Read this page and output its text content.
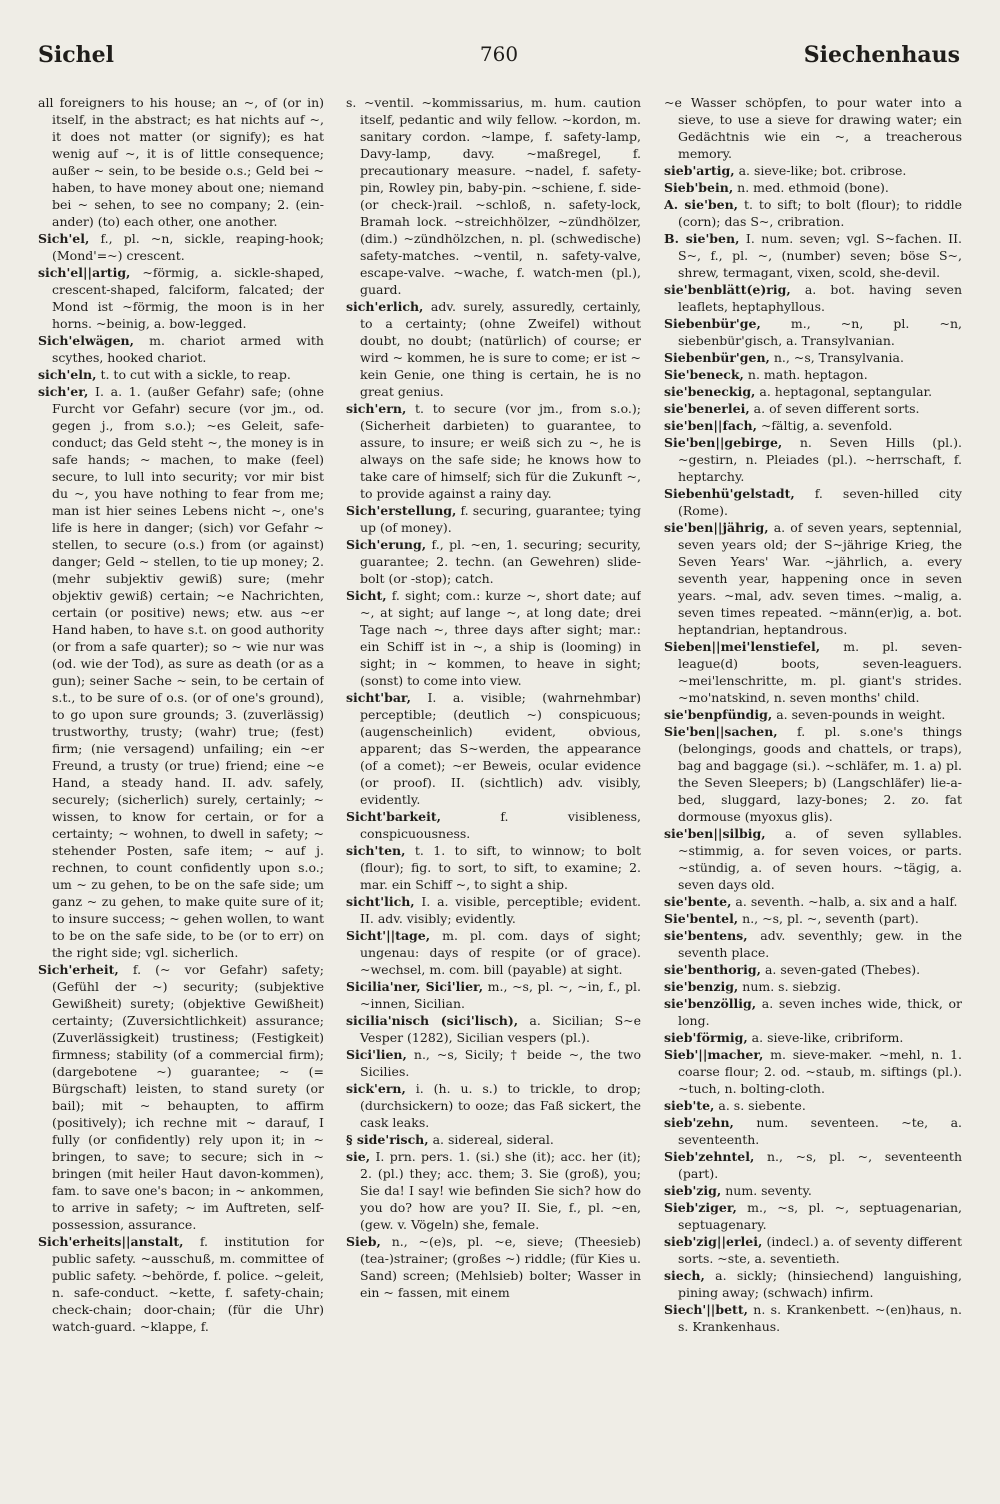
760
Sichel	Siechenhaus
all foreigners to his house; an ~, of (or in) itself, in the abstract; es hat nichts auf ~, it does not matter (or signify); es hat wenig auf ~, it is of little consequence; außer ~ sein, to be beside o.s.; Geld bei ~ haben, to have money about one; niemand bei ~ sehen, to see no company; 2. (ein-ander) (to) each other, one another.
Sich'el, f., pl. ~n, sickle, reaping-hook; (Mond'=~) crescent.
sich'el||artig, ~förmig, a. sickle-shaped, crescent-shaped, falciform, falcated; der Mond ist ~förmig, the moon is in her horns. ~beinig, a. bow-legged.
Sich'elwägen, m. chariot armed with scythes, hooked chariot.
sich'eln, t. to cut with a sickle, to reap.
sich'er, I. a. 1. (außer Gefahr) safe; (ohne Furcht vor Gefahr) secure (vor jm., od. gegen j., from s.o.); ~es Geleit, safe-conduct; das Geld steht ~, the money is in safe hands; ~ machen, to make (feel) secure, to lull into security; vor mir bist du ~, you have nothing to fear from me; man ist hier seines Lebens nicht ~, one's life is here in danger; (sich) vor Gefahr ~ stellen, to secure (o.s.) from (or against) danger; Geld ~ stellen, to tie up money; 2. (mehr subjektiv gewiß) sure; (mehr objektiv gewiß) certain; ~e Nachrichten, certain (or positive) news; etw. aus ~er Hand haben, to have s.t. on good authority (or from a safe quarter); so ~ wie nur was (od. wie der Tod), as sure as death (or as a gun); seiner Sache ~ sein, to be certain of s.t., to be sure of o.s. (or of one's ground), to go upon sure grounds; 3. (zuverlässig) trustworthy, trusty; (wahr) true; (fest) firm; (nie versagend) unfailing; ein ~er Freund, a trusty (or true) friend; eine ~e Hand, a steady hand. II. adv. safely, securely; (sicherlich) surely, certainly; ~ wissen, to know for certain, or for a certainty; ~ wohnen, to dwell in safety; ~ stehender Posten, safe item; ~ auf j. rechnen, to count confidently upon s.o.; um ~ zu gehen, to be on the safe side; um ganz ~ zu gehen, to make quite sure of it; to insure success; ~ gehen wollen, to want to be on the safe side, to be (or to err) on the right side; vgl. sicherlich.
Sich'erheit, f. (~ vor Gefahr) safety; (Gefühl der ~) security; (subjektive Gewißheit) surety; (objektive Gewißheit) certainty; (Zuversichtlichkeit) assurance; (Zuverlässigkeit) trustiness; (Festigkeit) firmness; stability (of a commercial firm); (dargebotene ~) guarantee; ~ (= Bürgschaft) leisten, to stand surety (or bail); mit ~ behaupten, to affirm (positively); ich rechne mit ~ darauf, I fully (or confidently) rely upon it; in ~ bringen, to save; to secure; sich in ~ bringen (mit heiler Haut davon-kommen), fam. to save one's bacon; in ~ ankommen, to arrive in safety; ~ im Auftreten, self-possession, assurance.
Sich'erheits||anstalt, f. institution for public safety. ~ausschuß, m. committee of public safety. ~behörde, f. police. ~geleit, n. safe-conduct. ~kette, f. safety-chain; check-chain; door-chain; (für die Uhr) watch-guard. ~klappe, f.
s. ~ventil. ~kommissarius, m. hum. caution itself, pedantic and wily fellow. ~kordon, m. sanitary cordon. ~lampe, f. safety-lamp, Davy-lamp, davy. ~maßregel, f. precautionary measure. ~nadel, f. safety-pin, Rowley pin, baby-pin. ~schiene, f. side-(or check-)rail. ~schloß, n. safety-lock, Bramah lock. ~streichhölzer, ~zündhölzer, (dim.) ~zündhölzchen, n. pl. (schwedische) safety-matches. ~ventil, n. safety-valve, escape-valve. ~wache, f. watch-men (pl.), guard.
sich'erlich, adv. surely, assuredly, certainly, to a certainty; (ohne Zweifel) without doubt, no doubt; (natürlich) of course; er wird ~ kommen, he is sure to come; er ist ~ kein Genie, one thing is certain, he is no great genius.
sich'ern, t. to secure (vor jm., from s.o.); (Sicherheit darbieten) to guarantee, to assure, to insure; er weiß sich zu ~, he is always on the safe side; he knows how to take care of himself; sich für die Zukunft ~, to provide against a rainy day.
Sich'erstellung, f. securing, guarantee; tying up (of money).
Sich'erung, f., pl. ~en, 1. securing; security, guarantee; 2. techn. (an Gewehren) slide-bolt (or -stop); catch.
Sicht, f. sight; com.: kurze ~, short date; auf ~, at sight; auf lange ~, at long date; drei Tage nach ~, three days after sight; mar.: ein Schiff ist in ~, a ship is (looming) in sight; in ~ kommen, to heave in sight; (sonst) to come into view.
sicht'bar, I. a. visible; (wahrnehmbar) perceptible; (deutlich ~) conspicuous; (augenscheinlich) evident, obvious, apparent; das S~werden, the appearance (of a comet); ~er Beweis, ocular evidence (or proof). II. (sichtlich) adv. visibly, evidently.
Sicht'barkeit,	f. visibleness, conspicuousness.
sich'ten, t. 1. to sift, to winnow; to bolt (flour); fig. to sort, to sift, to examine; 2. mar. ein Schiff ~, to sight a ship.
sicht'lich, I. a. visible, perceptible; evident. II. adv. visibly; evidently.
Sicht'||tage, m. pl. com. days of sight; ungenau: days of respite (or of grace). ~wechsel, m. com. bill (payable) at sight.
Sicilia'ner, Sici'lier, m., ~s, pl. ~, ~in, f., pl. ~innen, Sicilian.
sicilia'nisch (sici'lisch), a. Sicilian; S~e Vesper (1282), Sicilian vespers (pl.).
Sici'lien, n., ~s, Sicily; † beide ~, the two Sicilies.
sick'ern, i. (h. u. s.) to trickle, to drop; (durchsickern) to ooze; das Faß sickert, the cask leaks.
§ side'risch, a. sidereal, sideral.
sie, I. prn. pers. 1. (si.) she (it); acc. her (it); 2. (pl.) they; acc. them; 3. Sie (groß), you; Sie da! I say! wie befinden Sie sich? how do you do? how are you? II. Sie, f., pl. ~en, (gew. v. Vögeln) she, female.
Sieb, n., ~(e)s, pl. ~e, sieve; (Theesieb) (tea-)strainer; (großes ~) riddle; (für Kies u. Sand) screen; (Mehlsieb) bolter; Wasser in ein ~ fassen, mit einem
~e Wasser schöpfen, to pour water into a sieve, to use a sieve for drawing water; ein Gedächtnis wie ein ~, a treacherous memory.
sieb'artig, a. sieve-like; bot. cribrose.
Sieb'bein, n. med. ethmoid (bone).
A. sie'ben, t. to sift; to bolt (flour); to riddle (corn); das S~, cribration.
B. sie'ben, I. num. seven; vgl. S~fachen. II. S~, f., pl. ~, (number) seven; böse S~, shrew, termagant, vixen, scold, she-devil.
sie'benblätt(e)rig, a. bot. having seven leaflets, heptaphyllous.
Siebenbür'ge, m., ~n, pl. ~n, siebenbür'gisch, a. Transylvanian.
Siebenbür'gen, n., ~s, Transylvania.
Sie'beneck, n. math. heptagon.
sie'beneckig, a. heptagonal, septangular.
sie'benerlei, a. of seven different sorts.
sie'ben||fach, ~fältig, a. sevenfold.
Sie'ben||gebirge, n. Seven Hills (pl.). ~gestirn, n. Pleiades (pl.). ~herrschaft, f. heptarchy.
Siebenhü'gelstadt, f. seven-hilled city (Rome).
sie'ben||jährig, a. of seven years, septennial, seven years old; der S~jährige Krieg, the Seven Years' War. ~jährlich, a. every seventh year, happening once in seven years. ~mal, adv. seven times. ~malig, a. seven times repeated. ~männ(er)ig, a. bot. heptandrian, heptandrous.
Sieben||mei'lenstiefel, m. pl. seven-league(d) boots, seven-leaguers. ~mei'lenschritte, m. pl. giant's strides. ~mo'natskind, n. seven months' child.
sie'benpfündig, a. seven-pounds in weight.
Sie'ben||sachen, f. pl. s.one's things (belongings, goods and chattels, or traps), bag and baggage (si.). ~schläfer, m. 1. a) pl. the Seven Sleepers; b) (Langschläfer) lie-a-bed, sluggard, lazy-bones; 2. zo. fat dormouse (myoxus glis).
sie'ben||silbig, a. of seven syllables. ~stimmig, a. for seven voices, or parts. ~stündig, a. of seven hours. ~tägig, a. seven days old.
sie'bente, a. seventh. ~halb, a. six and a half.
Sie'bentel, n., ~s, pl. ~, seventh (part).
sie'bentens, adv. seventhly; gew. in the seventh place.
sie'benthorig, a. seven-gated (Thebes).
sie'benzig, num. s. siebzig.
sie'benzöllig, a. seven inches wide, thick, or long.
sieb'förmig, a. sieve-like, cribriform.
Sieb'||macher, m. sieve-maker. ~mehl, n. 1. coarse flour; 2. od. ~staub, m. siftings (pl.). ~tuch, n. bolting-cloth.
sieb'te, a. s. siebente.
sieb'zehn, num. seventeen. ~te, a. seventeenth.
Sieb'zehntel, n., ~s, pl. ~, seventeenth (part).
sieb'zig, num. seventy.
Sieb'ziger, m., ~s, pl. ~, septuagenarian, septuagenary.
sieb'zig||erlei, (indecl.) a. of seventy different sorts. ~ste, a. seventieth.
siech, a. sickly; (hinsiechend) languishing, pining away; (schwach) infirm.
Siech'||bett, n. s. Krankenbett. ~(en)haus, n. s. Krankenhaus.
